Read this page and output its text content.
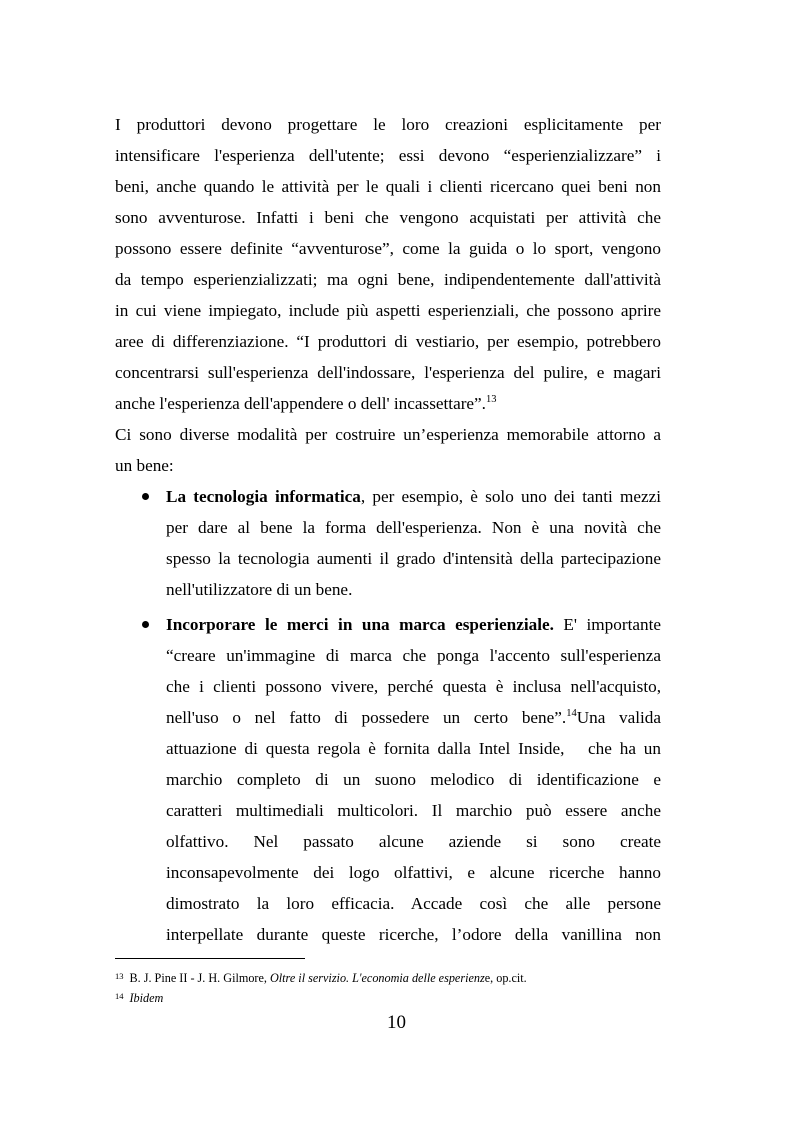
I produttori devono progettare le loro creazioni esplicitamente per
intensificare l'esperienza dell'utente; essi devono “esperienzializzare” i
beni, anche quando le attività per le quali i clienti ricercano quei beni non
sono avventurose. Infatti i beni che vengono acquistati per attività che
possono essere definite “avventurose”, come la guida o lo sport, vengono
da tempo esperienzializzati; ma ogni bene, indipendentemente dall'attività
in cui viene impiegato, include più aspetti esperienziali, che possono aprire
aree di differenziazione. “I produttori di vestiario, per esempio, potrebbero
concentrarsi sull'esperienza dell'indossare, l'esperienza del pulire, e magari
anche l'esperienza dell'appendere o dell' incassettare”.$^{13}$
Ci sono diverse modalità per costruire un’esperienza memorabile attorno a
un bene:
La tecnologia informatica, per esempio, è solo uno dei tanti mezzi
per dare al bene la forma dell'esperienza. Non è una novità che
spesso la tecnologia aumenti il grado d'intensità della partecipazione
nell'utilizzatore di un bene.
Incorporare le merci in una marca esperienziale. E' importante
“creare un'immagine di marca che ponga l'accento sull'esperienza
che i clienti possono vivere, perché questa è inclusa nell'acquisto,
nell'uso o nel fatto di possedere un certo bene”.$^{14}$Una valida
attuazione di questa regola è fornita dalla Intel Inside,   che ha un
marchio completo di un suono melodico di identificazione e
caratteri multimediali multicolori. Il marchio può essere anche
olfattivo. Nel passato alcune aziende si sono create
inconsapevolmente dei logo olfattivi, e alcune ricerche hanno
dimostrato la loro efficacia. Accade così che alle persone
interpellate durante queste ricerche, l’odore della vanillina non
$^{13}$ B. J. Pine II - J. H. Gilmore, Oltre il servizio. L'economia delle esperienze, op.cit.
$^{14}$ Ibidem
10
